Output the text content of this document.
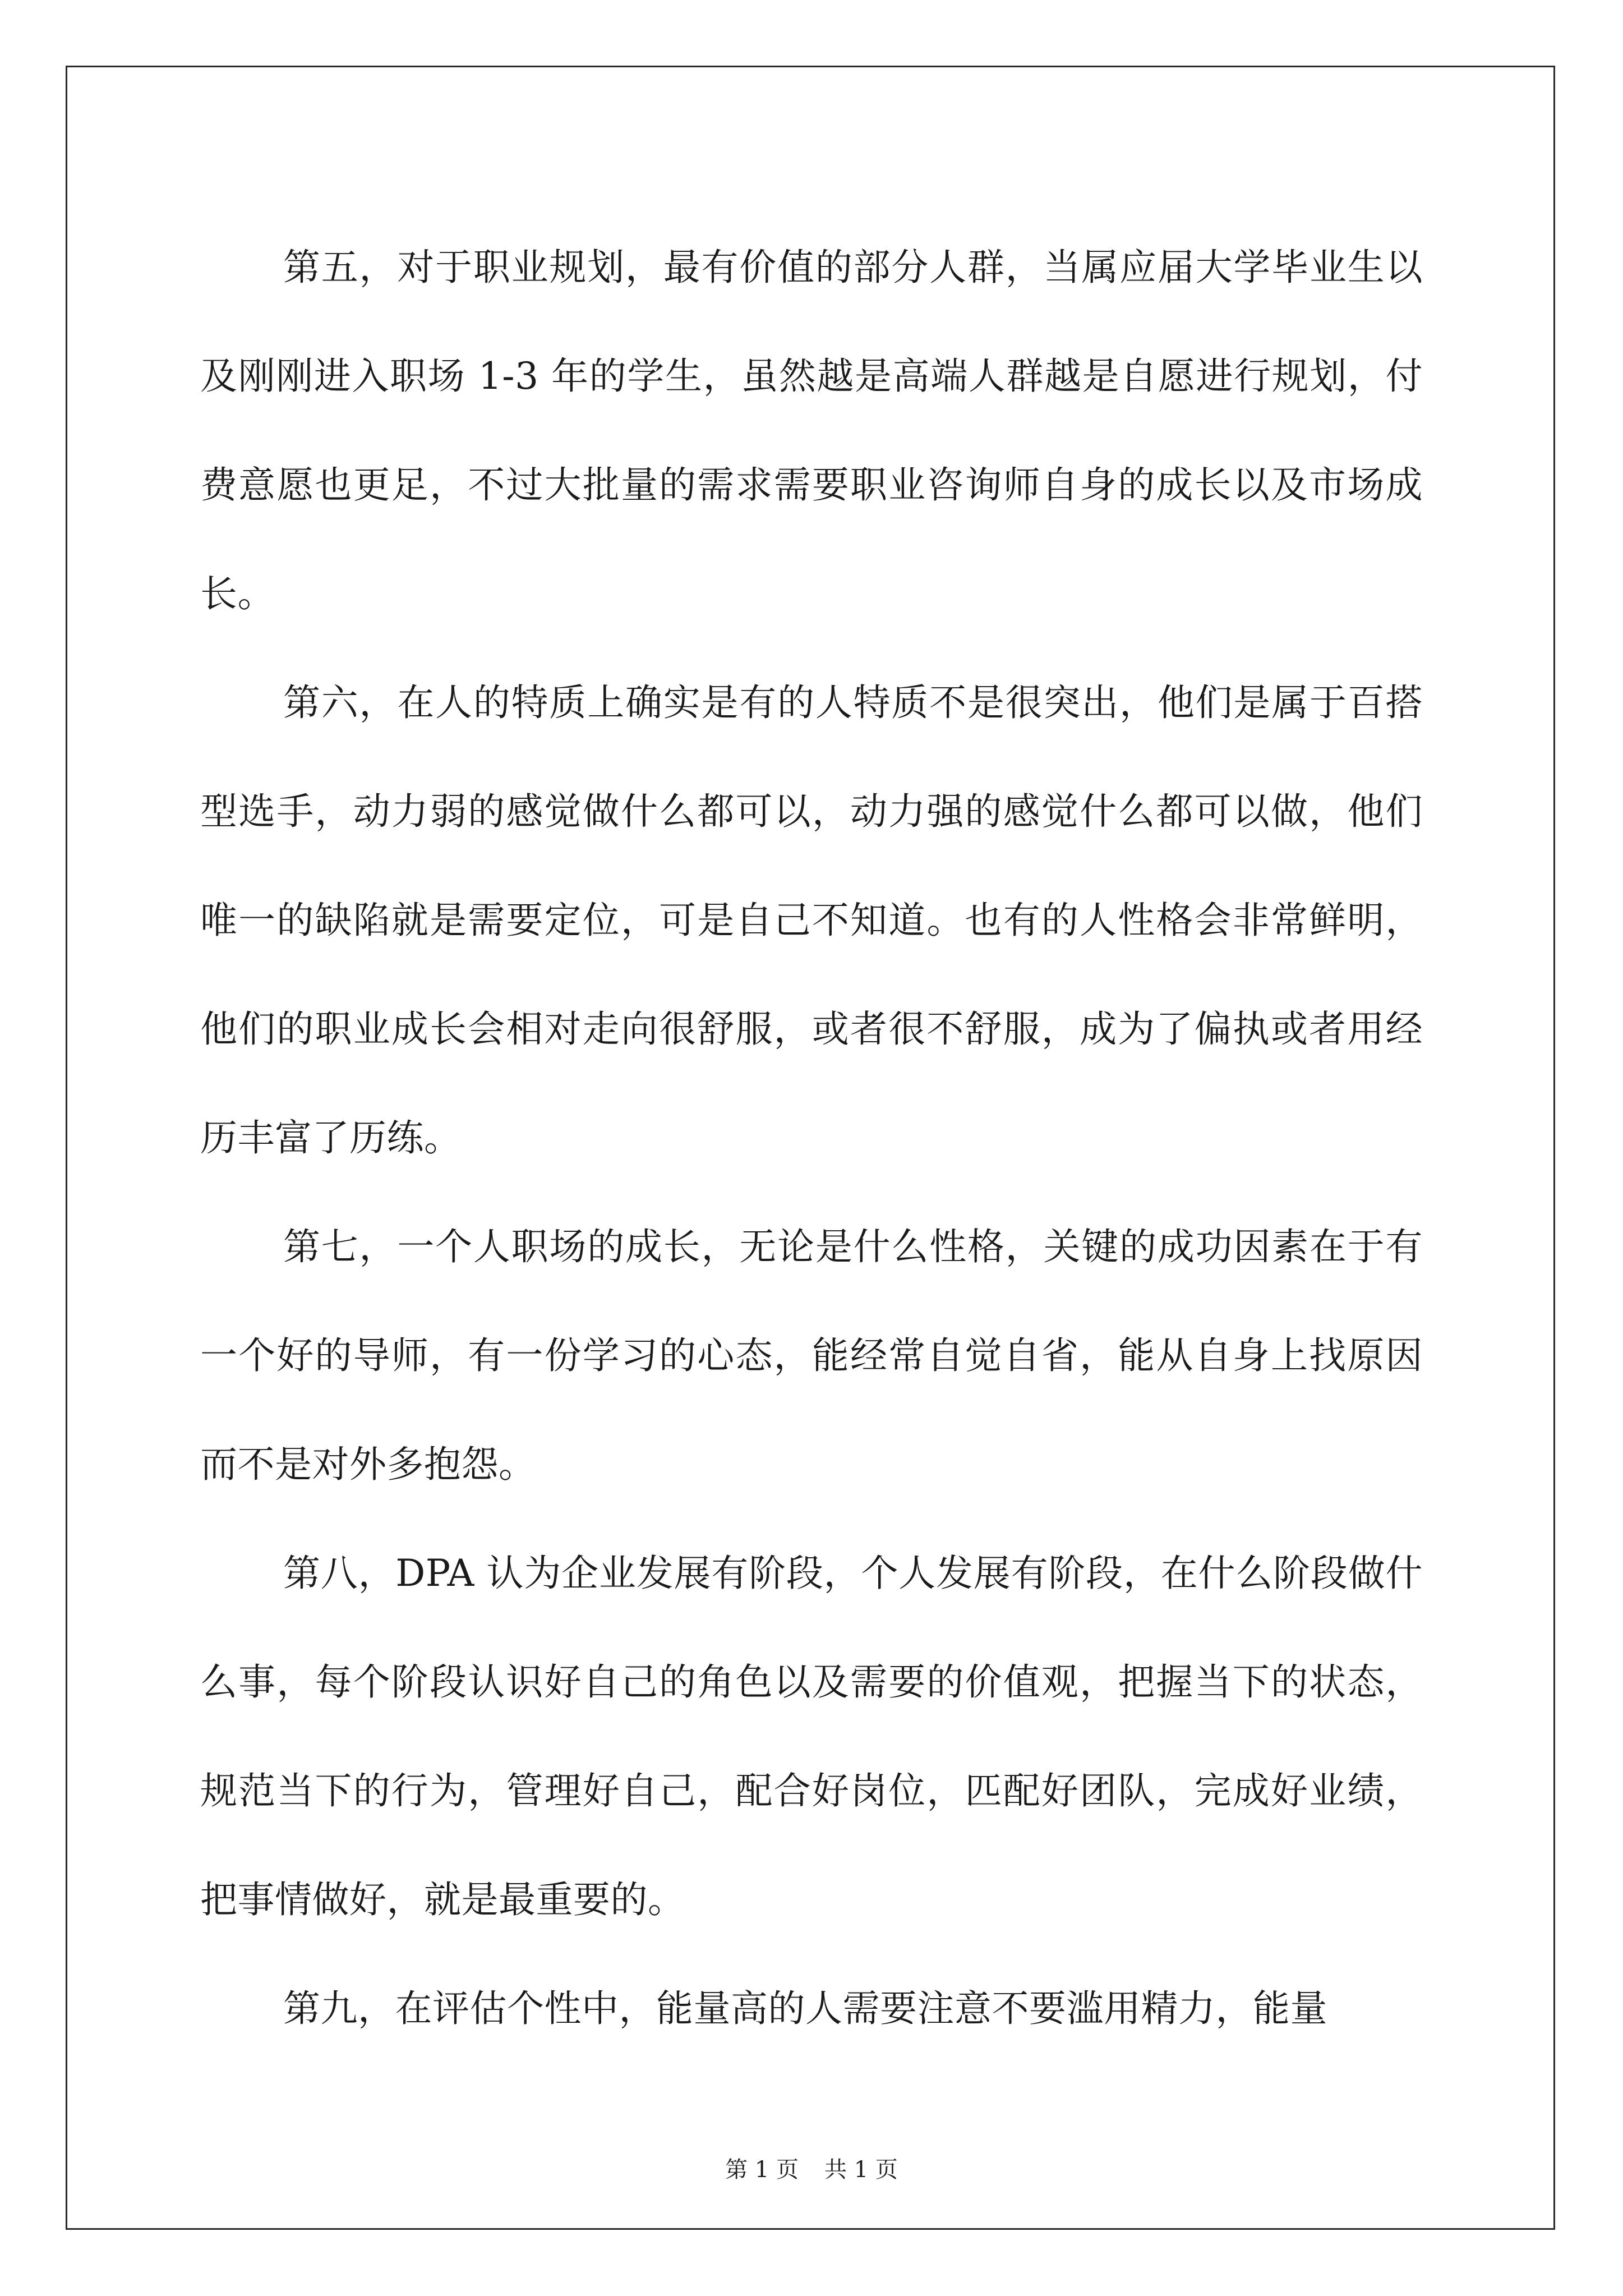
第五，对于职业规划，最有价值的部分人群，当属应届大学毕业生以及刚刚进入职场 1-3 年的学生，虽然越是高端人群越是自愿进行规划，付费意愿也更足，不过大批量的需求需要职业咨询师自身的成长以及市场成长。

第六，在人的特质上确实是有的人特质不是很突出，他们是属于百搭型选手，动力弱的感觉做什么都可以，动力强的感觉什么都可以做，他们唯一的缺陷就是需要定位，可是自己不知道。也有的人性格会非常鲜明，他们的职业成长会相对走向很舒服，或者很不舒服，成为了偏执或者用经历丰富了历练。

第七，一个人职场的成长，无论是什么性格，关键的成功因素在于有一个好的导师，有一份学习的心态，能经常自觉自省，能从自身上找原因而不是对外多抱怨。

第八，DPA 认为企业发展有阶段，个人发展有阶段，在什么阶段做什么事，每个阶段认识好自己的角色以及需要的价值观，把握当下的状态，规范当下的行为，管理好自己，配合好岗位，匹配好团队，完成好业绩，把事情做好，就是最重要的。

第九，在评估个性中，能量高的人需要注意不要滥用精力，能量

第 1 页 共 1 页
